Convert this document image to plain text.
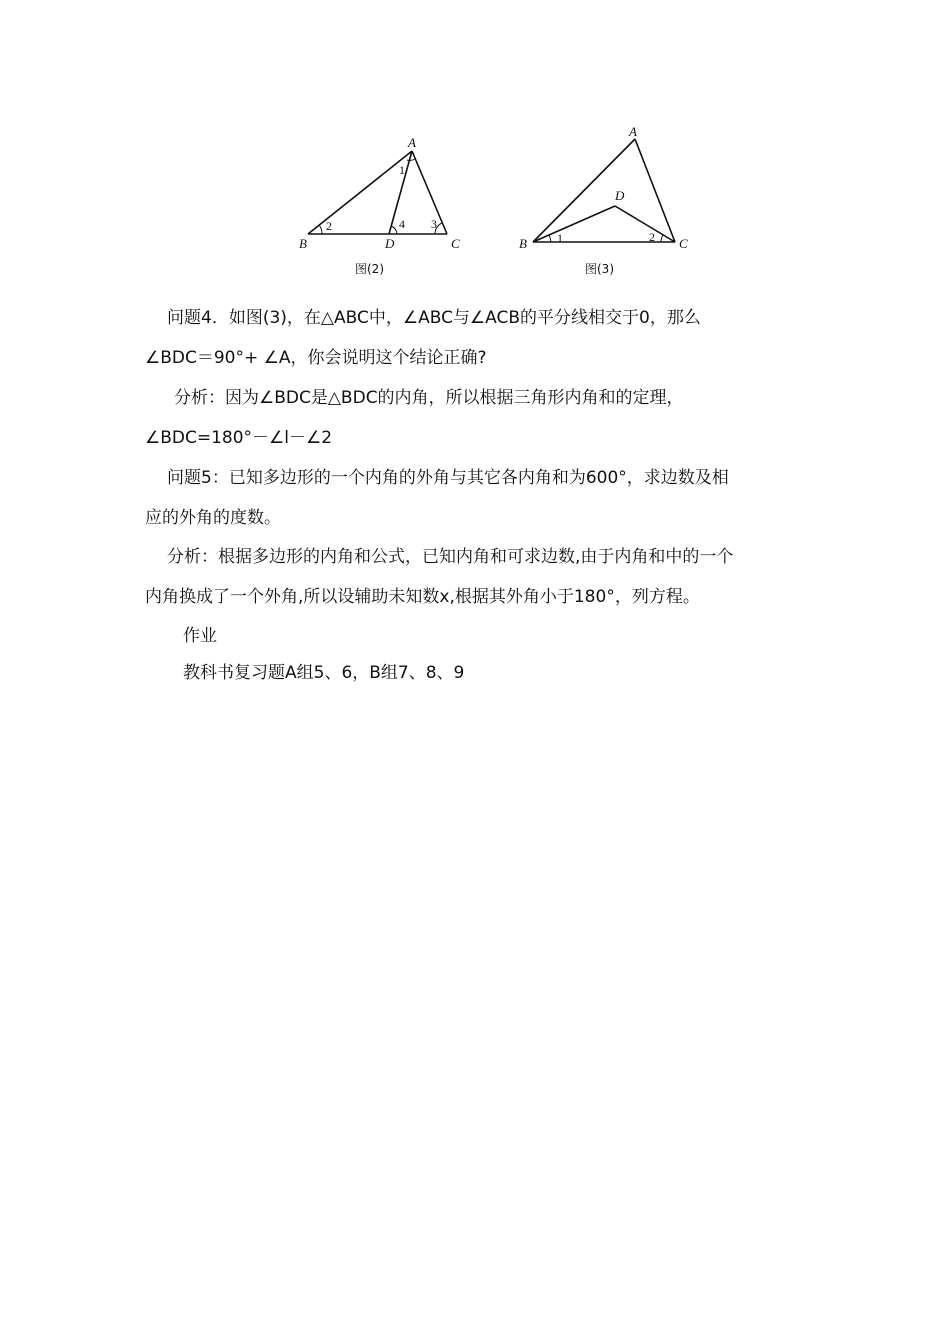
A
B	C
D
1
2	3
4
图(2)
A
B	C
D
1	2
图(3)
问题4．如图(3)，在△ABC中，∠ABC与∠ACB的平分线相交于0，那么
∠BDC＝90°+ ∠A，你会说明这个结论正确?
分析：因为∠BDC是△BDC的内角，所以根据三角形内角和的定理，
∠BDC=180°－∠l－∠2
问题5：已知多边形的一个内角的外角与其它各内角和为600°，求边数及相
应的外角的度数。
分析：根据多边形的内角和公式，已知内角和可求边数,由于内角和中的一个
内角换成了一个外角,所以设辅助未知数x,根据其外角小于180°，列方程。
作业
教科书复习题A组5、6，B组7、8、9
